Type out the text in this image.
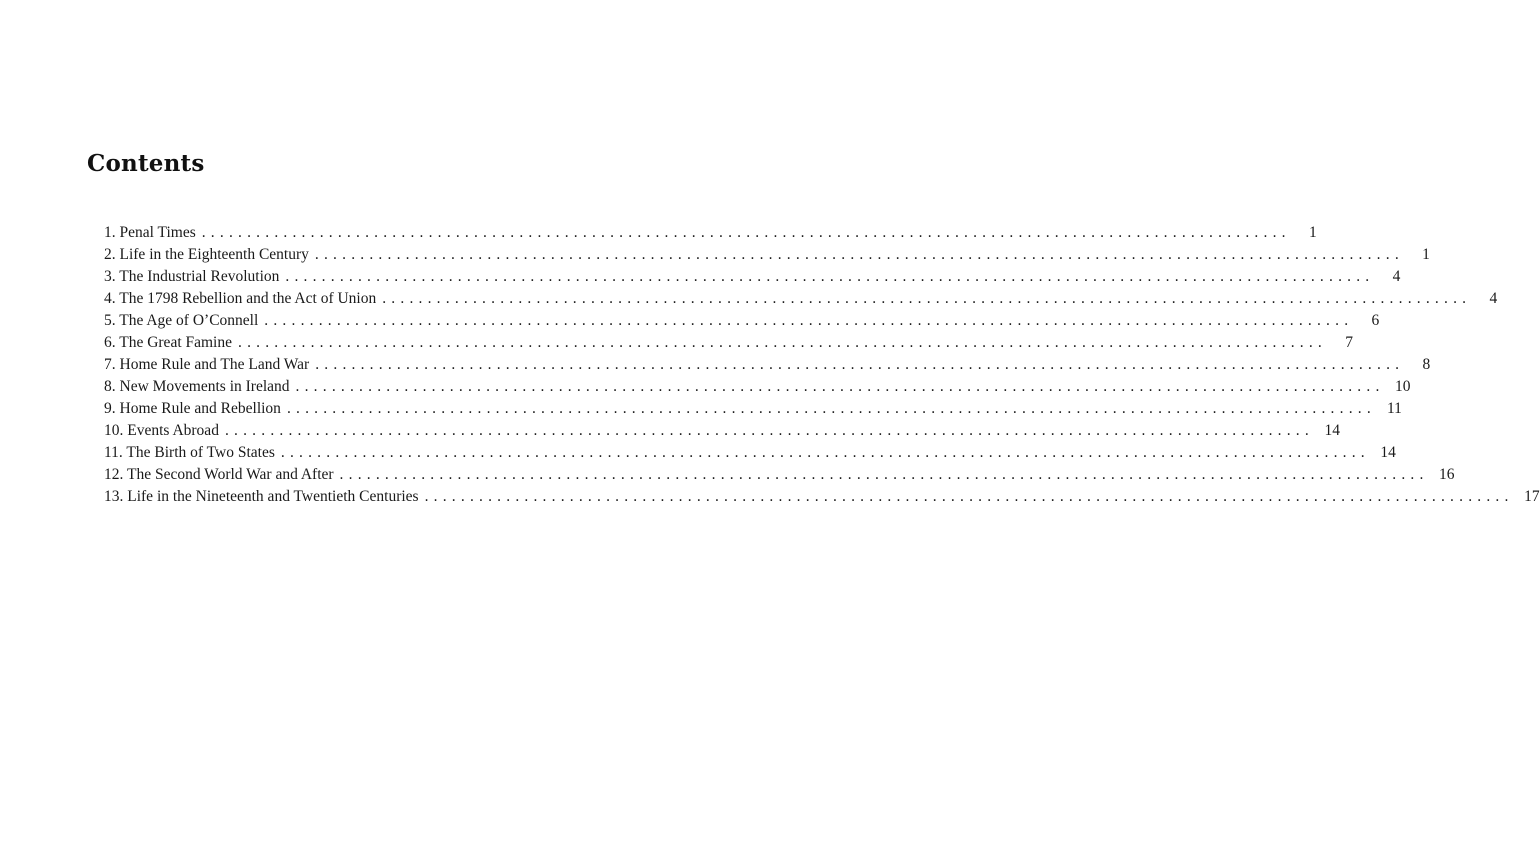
Contents
1. Penal Times ........................................................................................................................	1
2. Life in the Eighteenth Century ........................................................................................................................	1
3. The Industrial Revolution ........................................................................................................................	4
4. The 1798 Rebellion and the Act of Union ........................................................................................................................	4
5. The Age of O’Connell ........................................................................................................................	6
6. The Great Famine ........................................................................................................................	7
7. Home Rule and The Land War ........................................................................................................................	8
8. New Movements in Ireland ........................................................................................................................ 10
9. Home Rule and Rebellion ........................................................................................................................ 11
10. Events Abroad ........................................................................................................................ 14
11. The Birth of Two States ........................................................................................................................ 14
12. The Second World War and After ........................................................................................................................ 16
13. Life in the Nineteenth and Twentieth Centuries ........................................................................................................................ 17
